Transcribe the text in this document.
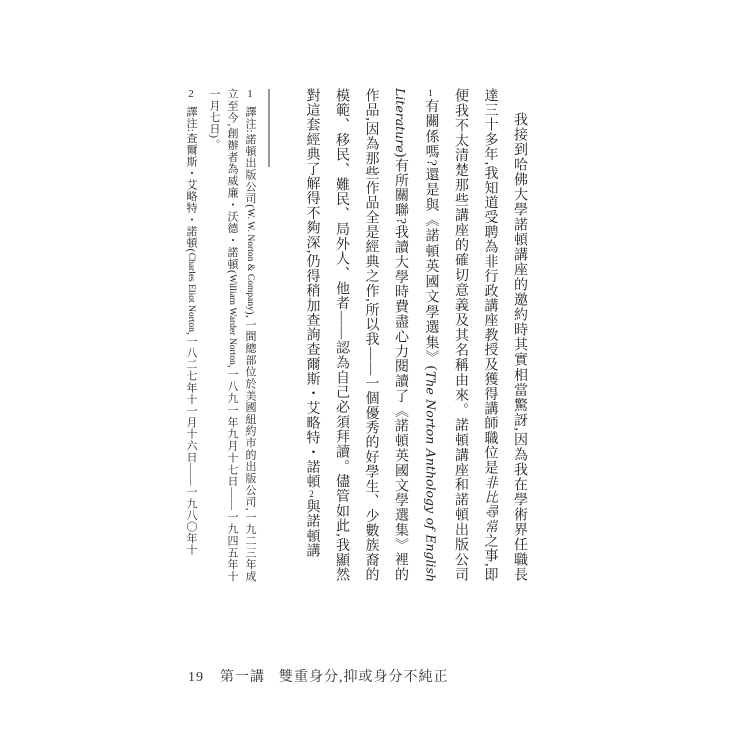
我接到哈佛大學諾頓講座的邀約時其實相當驚訝,因為我在學術界任職長達三十多年,我知道受聘為非行政講座教授及獲得講師職位是非比尋常之事,即便我不太清楚那些講座的確切意義及其名稱由來。諾頓講座和諾頓出版公司1有關係嗎?還是與《諾頓英國文學選集》(The Norton Anthology of English Literature)有所關聯?我讀大學時費盡心力閱讀了《諾頓英國文學選集》裡的作品,因為那些作品全是經典之作,所以我——一個優秀的好學生、少數族裔的模範、移民、難民、局外人、他者——認為自己必須拜讀。儘管如此,我顯然對這套經典了解得不夠深,仍得稍加查詢查爾斯・艾略特・諾頓2與諾頓講

1譯注:諾頓出版公司(W. W. Norton & Company),一間總部位於美國紐約市的出版公司,一九二三年成立至今,創辦者為威廉・沃德・諾頓(William Warder Norton,一八九一年九月十七日——一九四五年十一月七日)。
2譯注:查爾斯・艾略特・諾頓(Charles Eliot Norton,一八二七年十一月十六日——一九八〇年十
19 第一講 雙重身分,抑或身分不純正
